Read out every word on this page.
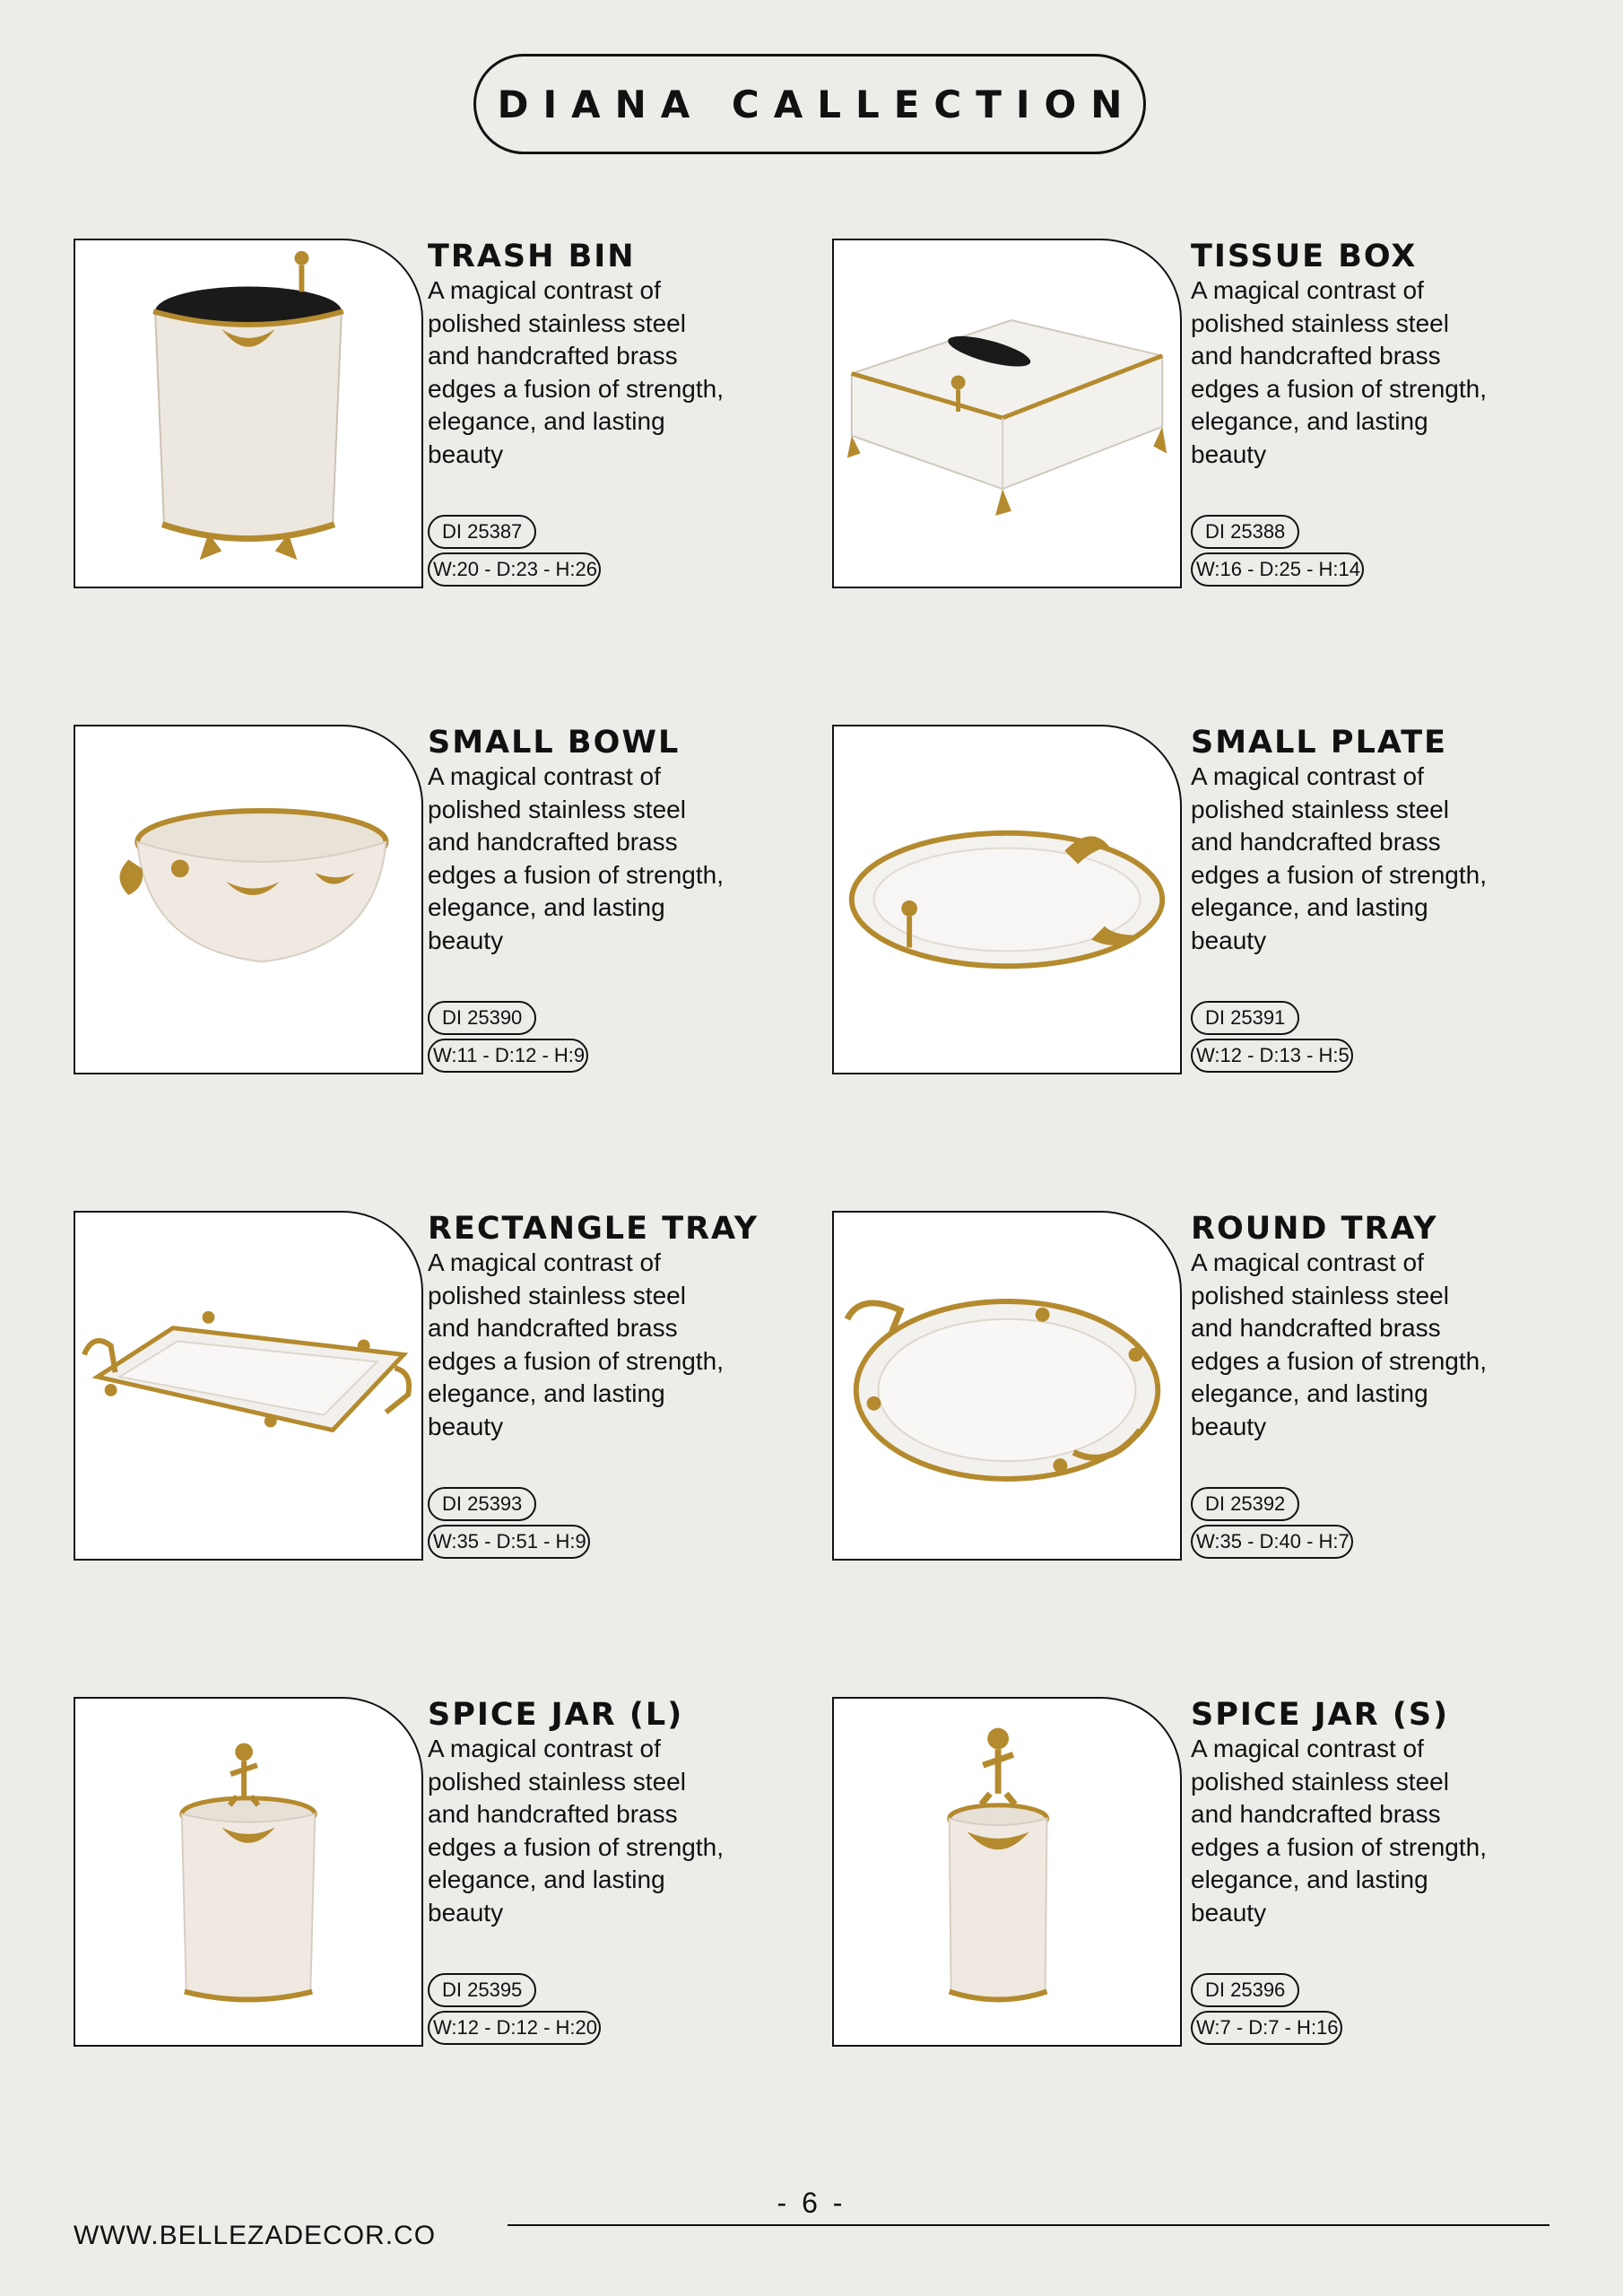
DIANA CALLECTION
TRASH BIN

A magical contrast of polished stainless steel and handcrafted brass edges a fusion of strength, elegance, and lasting beauty

DI 25387
W:20 - D:23 - H:26
TISSUE BOX

A magical contrast of polished stainless steel and handcrafted brass edges a fusion of strength, elegance, and lasting beauty

DI 25388
W:16 - D:25 - H:14
SMALL BOWL

A magical contrast of polished stainless steel and handcrafted brass edges a fusion of strength, elegance, and lasting beauty

DI 25390
W:11 - D:12 - H:9
SMALL PLATE

A magical contrast of polished stainless steel and handcrafted brass edges a fusion of strength, elegance, and lasting beauty

DI 25391
W:12 - D:13 - H:5
RECTANGLE TRAY

A magical contrast of polished stainless steel and handcrafted brass edges a fusion of strength, elegance, and lasting beauty

DI 25393
W:35 - D:51 - H:9
ROUND TRAY

A magical contrast of polished stainless steel and handcrafted brass edges a fusion of strength, elegance, and lasting beauty

DI 25392
W:35 - D:40 - H:7
SPICE JAR (L)

A magical contrast of polished stainless steel and handcrafted brass edges a fusion of strength, elegance, and lasting beauty

DI 25395
W:12 - D:12 - H:20
SPICE JAR (S)

A magical contrast of polished stainless steel and handcrafted brass edges a fusion of strength, elegance, and lasting beauty

DI 25396
W:7 - D:7 - H:16
- 6 -
WWW.BELLEZADECOR.CO
